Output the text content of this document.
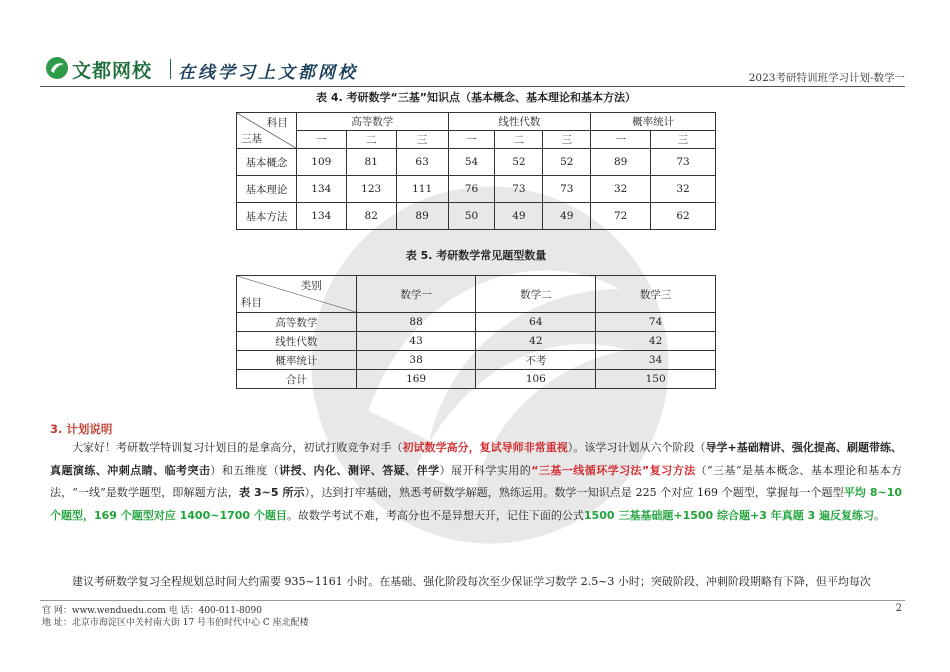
文都网校 在线学习上文都网校	2023考研特训班学习计划-数学一
表 4. 考研数学“三基”知识点（基本概念、基本理论和基本方法）
科目
三基	高等数学			线性代数			概率统计	
	一	二	三	一	二	三	一	三
基本概念	109	81	63	54	52	52	89	73
基本理论	134	123	111	76	73	73	32	32
基本方法	134	82	89	50	49	49	72	62
表 5. 考研数学常见题型数量
类别
科目	数学一	数学二	数学三
高等数学	88	64	74
线性代数	43	42	42
概率统计	38	不考	34
合计	169	106	150
3. 计划说明
大家好！考研数学特训复习计划目的是拿高分，初试打败竞争对手（初试数学高分，复试导师非常重视）。该学习计划从六个阶段（导学+基础精讲、强化提高、刷题带练、真题演练、冲刺点睛、临考突击）和五维度（讲授、内化、测评、答疑、伴学）展开科学实用的“三基一线循环学习法”复习方法（“三基”是基本概念、基本理论和基本方法，“一线”是数学题型，即解题方法，表 3~5 所示），达到打牢基础，熟悉考研数学解题，熟练运用。数学一知识点是 225 个对应 169 个题型，掌握每一个题型平均 8~10 个题型，169 个题型对应 1400~1700 个题目。故数学考试不难，考高分也不是异想天开，记住下面的公式1500 三基基础题+1500 综合题+3 年真题 3 遍反复练习。
建议考研数学复习全程规划总时间大约需要 935~1161 小时。在基础、强化阶段每次至少保证学习数学 2.5~3 小时；突破阶段、冲刺阶段期略有下降，但平均每次
官 网：www.wenduedu.com 电 话：400-011-8090
地 址：北京市海淀区中关村南大街 17 号韦伯时代中心 C 座北配楼
2
